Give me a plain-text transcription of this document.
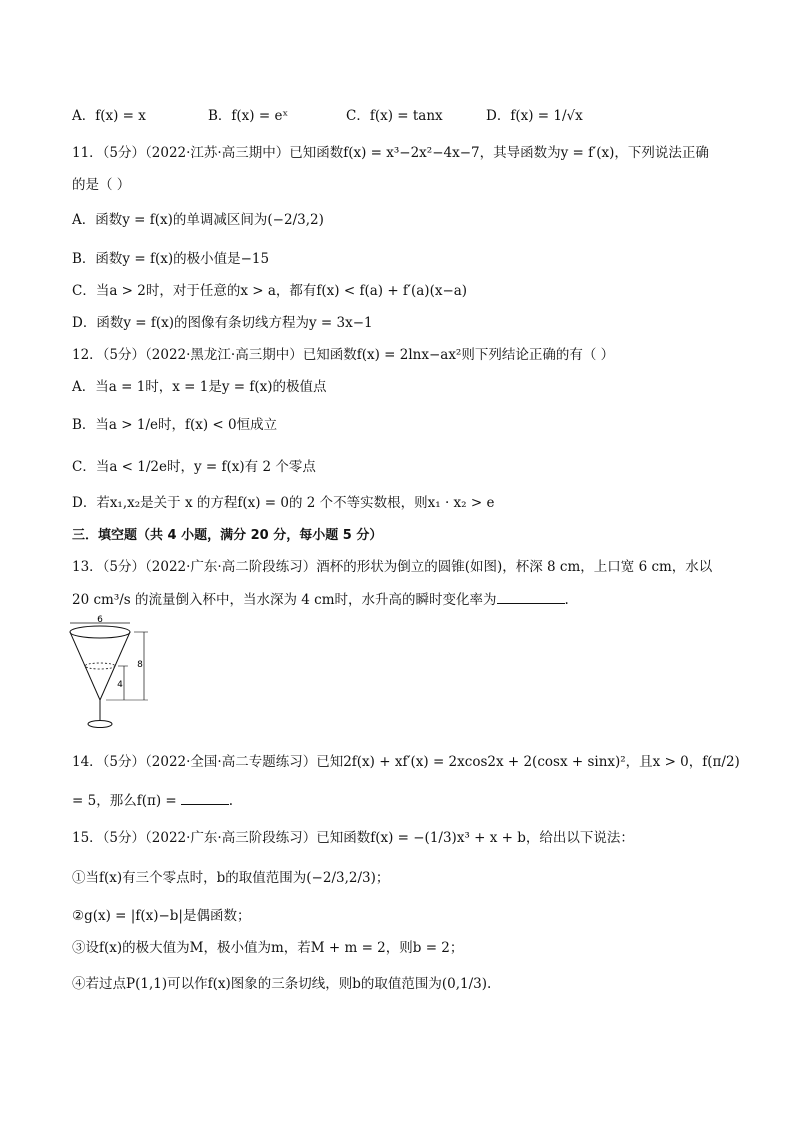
A．f(x) = x	B．f(x) = eˣ	C．f(x) = tanx	D．f(x) = 1/√x
11．（5分）（2022·江苏·高三期中）已知函数f(x) = x³−2x²−4x−7，其导函数为y = f′(x)，下列说法正确
的是（ ）
A．函数y = f(x)的单调减区间为(−2/3,2)
B．函数y = f(x)的极小值是−15
C．当a > 2时，对于任意的x > a，都有f(x) < f(a) + f′(a)(x−a)
D．函数y = f(x)的图像有条切线方程为y = 3x−1
12．（5分）（2022·黑龙江·高三期中）已知函数f(x) = 2lnx−ax²则下列结论正确的有（ ）
A．当a = 1时，x = 1是y = f(x)的极值点
B．当a > 1/e时，f(x) < 0恒成立
C．当a < 1/2e时，y = f(x)有 2 个零点
D．若x₁,x₂是关于 x 的方程f(x) = 0的 2 个不等实数根，则x₁ · x₂ > e
三．填空题（共 4 小题，满分 20 分，每小题 5 分）
13．（5分）（2022·广东·高二阶段练习）酒杯的形状为倒立的圆锥(如图)，杯深 8 cm，上口宽 6 cm，水以
20 cm³/s 的流量倒入杯中，当水深为 4 cm时，水升高的瞬时变化率为	.
6
8
4
14．（5分）（2022·全国·高二专题练习）已知2f(x) + xf′(x) = 2xcos2x + 2(cosx + sinx)²，且x > 0，f(π/2)
= 5，那么f(π) =	.
15．（5分）（2022·广东·高三阶段练习）已知函数f(x) = −(1/3)x³ + x + b，给出以下说法：
①当f(x)有三个零点时，b的取值范围为(−2/3,2/3)；
②g(x) = |f(x)−b|是偶函数；
③设f(x)的极大值为M，极小值为m，若M + m = 2，则b = 2；
④若过点P(1,1)可以作f(x)图象的三条切线，则b的取值范围为(0,1/3).
